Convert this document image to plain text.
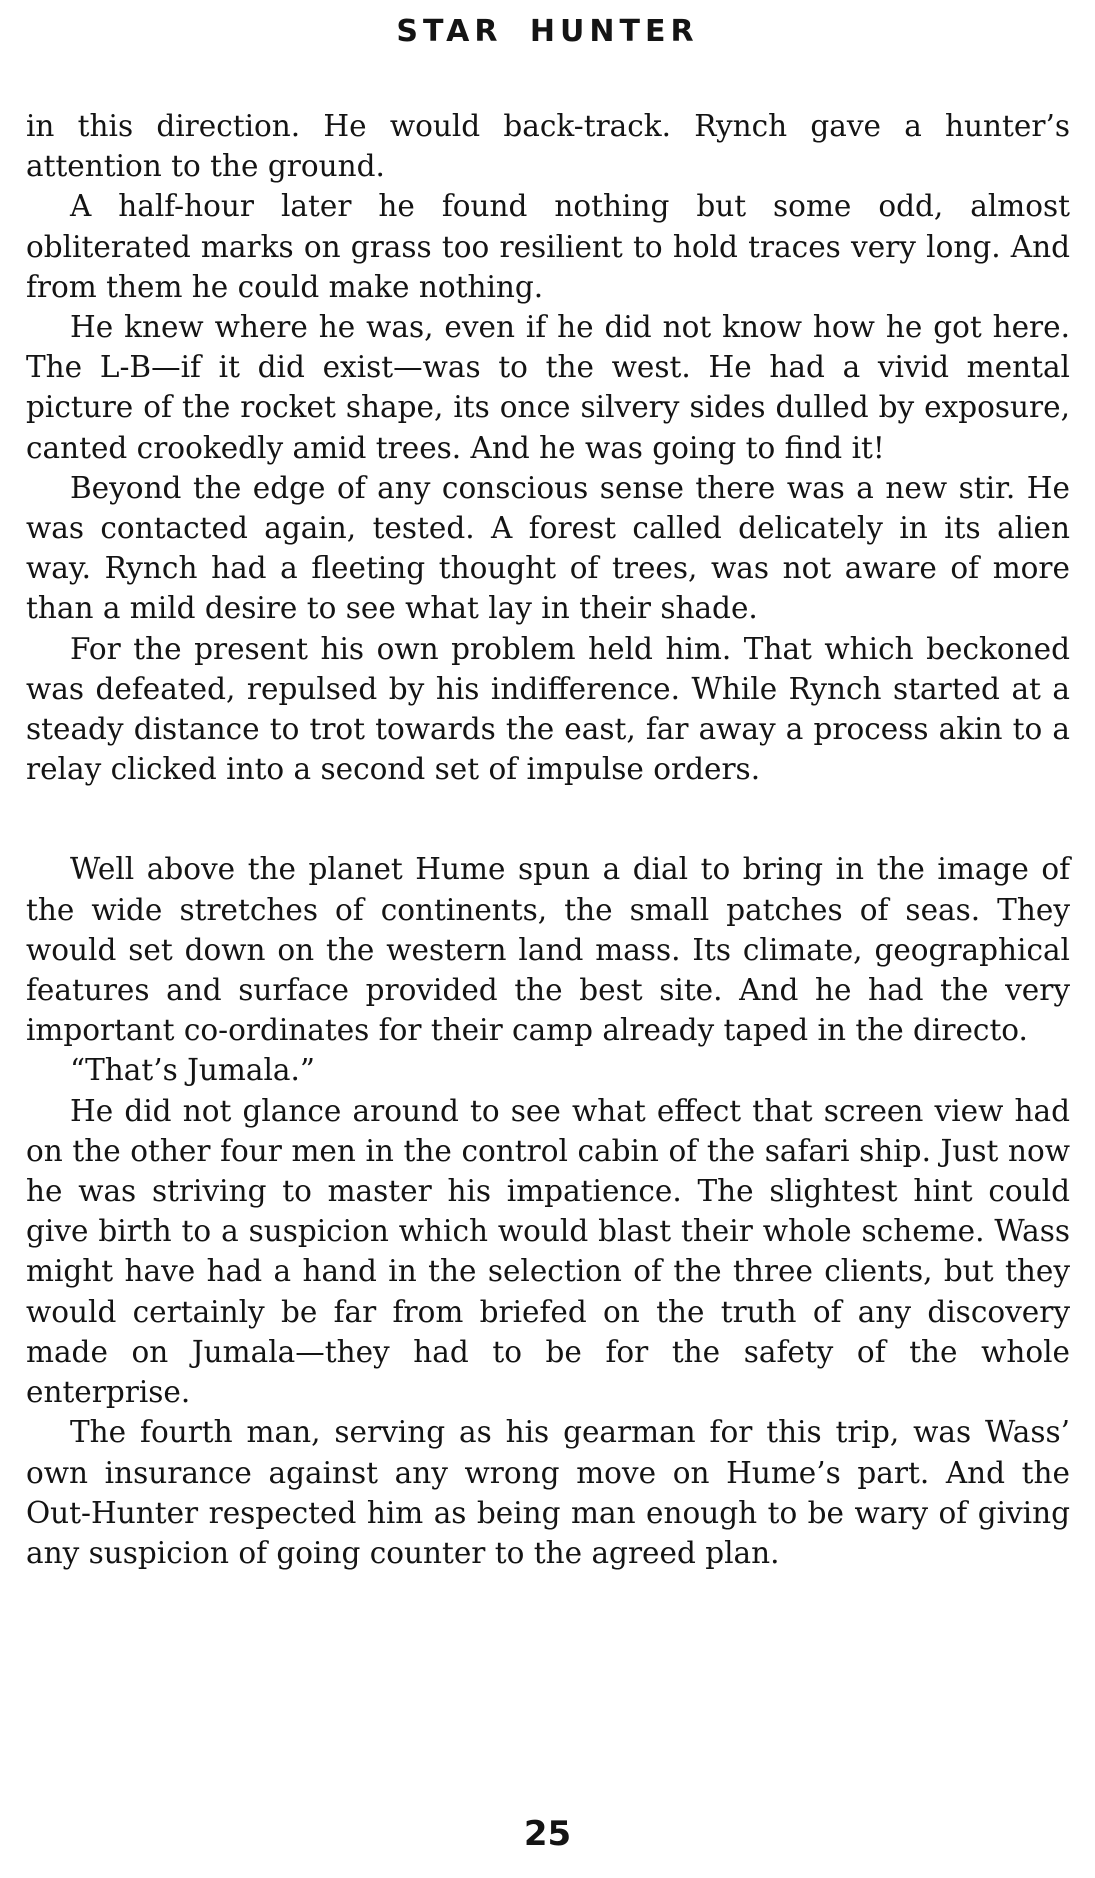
STAR HUNTER

in this direction. He would back-track. Rynch gave a hunter’s attention to the ground.

A half-hour later he found nothing but some odd, almost obliterated marks on grass too resilient to hold traces very long. And from them he could make nothing.

He knew where he was, even if he did not know how he got here. The L-B—if it did exist—was to the west. He had a vivid mental picture of the rocket shape, its once silvery sides dulled by exposure, canted crookedly amid trees. And he was going to find it!

Beyond the edge of any conscious sense there was a new stir. He was contacted again, tested. A forest called delicately in its alien way. Rynch had a fleeting thought of trees, was not aware of more than a mild desire to see what lay in their shade.

For the present his own problem held him. That which beckoned was defeated, repulsed by his indifference. While Rynch started at a steady distance to trot towards the east, far away a process akin to a relay clicked into a second set of impulse orders.

Well above the planet Hume spun a dial to bring in the image of the wide stretches of continents, the small patches of seas. They would set down on the western land mass. Its climate, geographical features and surface provided the best site. And he had the very important co-ordinates for their camp already taped in the directo.

“That’s Jumala.”

He did not glance around to see what effect that screen view had on the other four men in the control cabin of the safari ship. Just now he was striving to master his impatience. The slightest hint could give birth to a suspicion which would blast their whole scheme. Wass might have had a hand in the selection of the three clients, but they would certainly be far from briefed on the truth of any discovery made on Jumala—they had to be for the safety of the whole enterprise.

The fourth man, serving as his gearman for this trip, was Wass’ own insurance against any wrong move on Hume’s part. And the Out-Hunter respected him as being man enough to be wary of giving any suspicion of going counter to the agreed plan.

25
